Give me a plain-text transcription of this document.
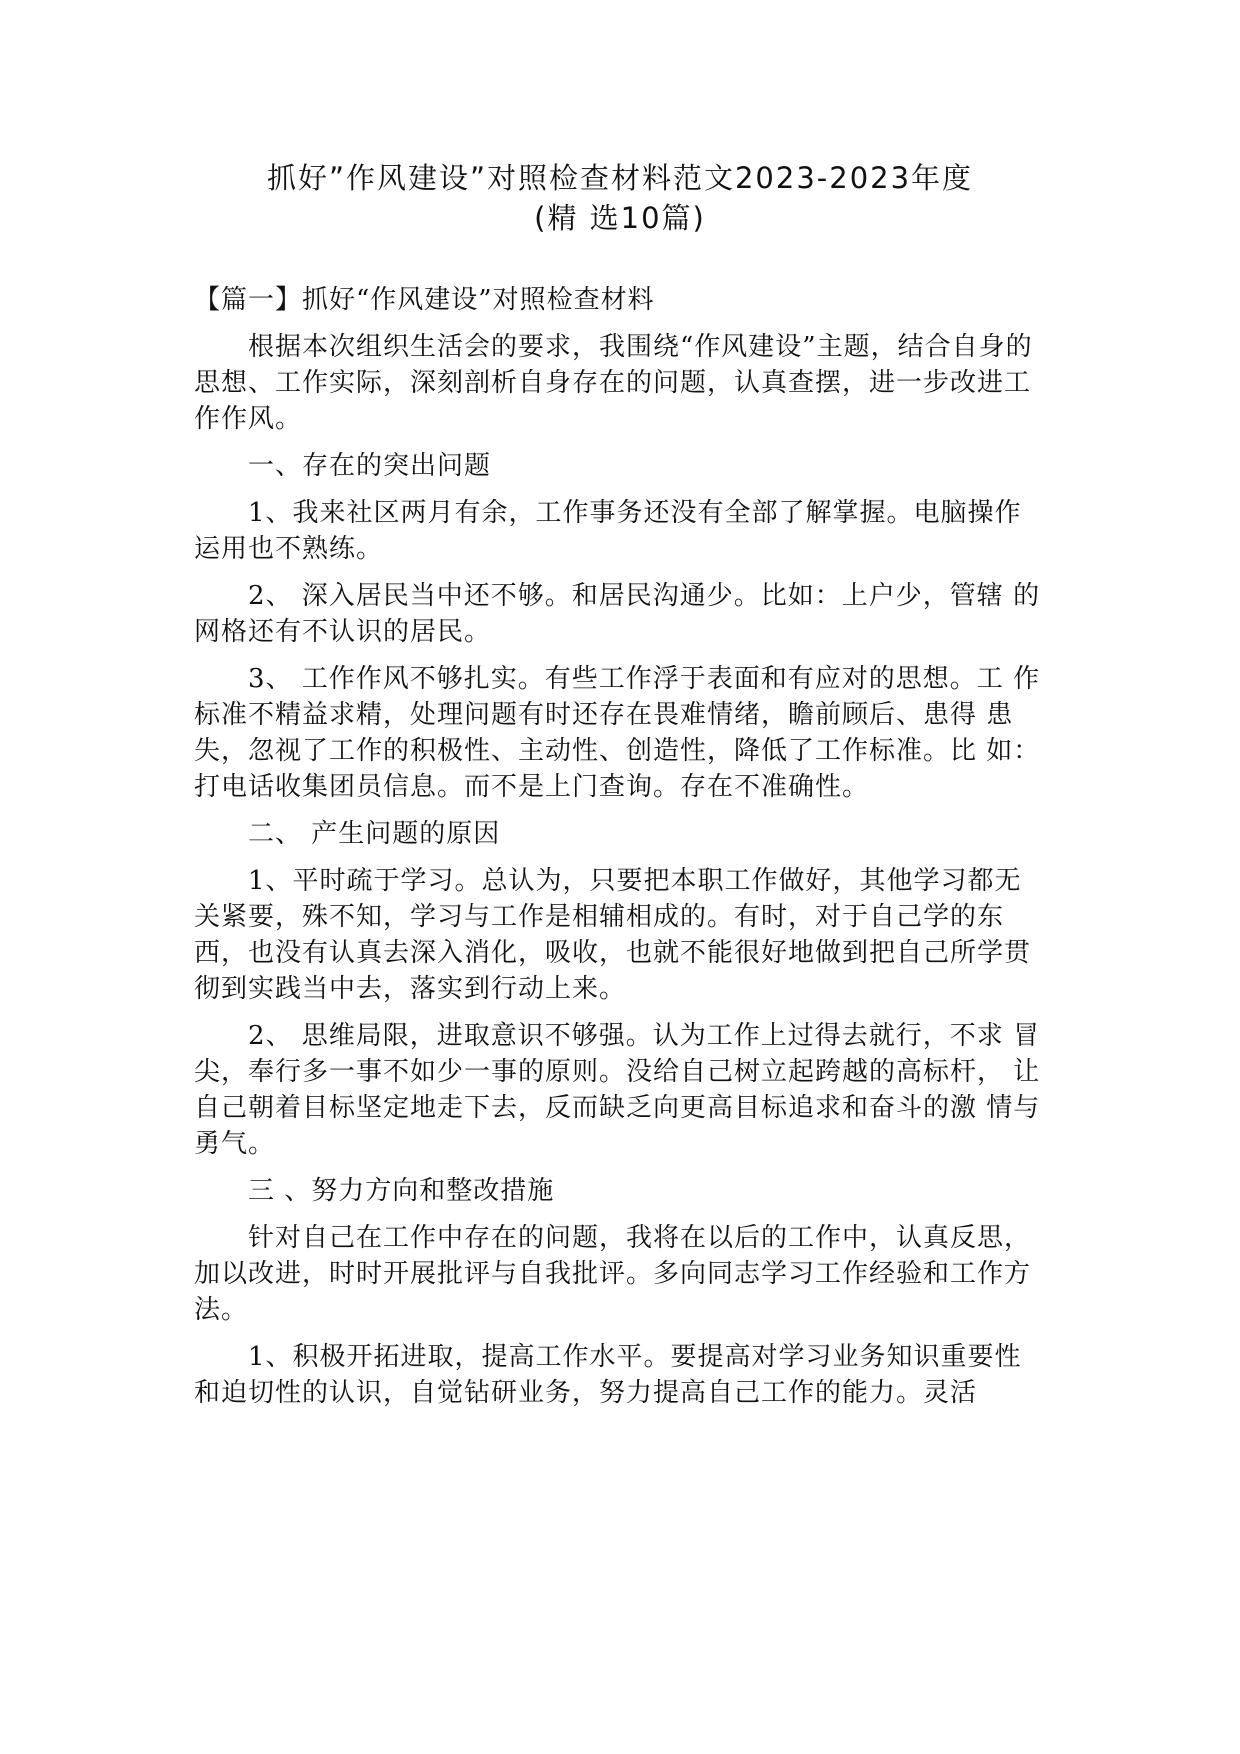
抓好”作风建设”对照检查材料范文2023-2023年度
(精 选10篇)

【篇一】抓好“作风建设”对照检查材料

根据本次组织生活会的要求，我围绕“作风建设”主题，结合自身的思想、工作实际，深刻剖析自身存在的问题，认真查摆，进一步改进工作作风。

一、存在的突出问题

1、我来社区两月有余，工作事务还没有全部了解掌握。电脑操作运用也不熟练。

2、 深入居民当中还不够。和居民沟通少。比如：上户少，管辖 的网格还有不认识的居民。

3、 工作作风不够扎实。有些工作浮于表面和有应对的思想。工 作标准不精益求精，处理问题有时还存在畏难情绪，瞻前顾后、患得 患失，忽视了工作的积极性、主动性、创造性，降低了工作标准。比 如：打电话收集团员信息。而不是上门查询。存在不准确性。

二、 产生问题的原因

1、平时疏于学习。总认为，只要把本职工作做好，其他学习都无关紧要，殊不知，学习与工作是相辅相成的。有时，对于自己学的东西，也没有认真去深入消化，吸收，也就不能很好地做到把自己所学贯彻到实践当中去，落实到行动上来。

2、 思维局限，进取意识不够强。认为工作上过得去就行，不求 冒尖，奉行多一事不如少一事的原则。没给自己树立起跨越的高标杆， 让自己朝着目标坚定地走下去，反而缺乏向更高目标追求和奋斗的激 情与勇气。

三 、努力方向和整改措施

针对自己在工作中存在的问题，我将在以后的工作中，认真反思，加以改进，时时开展批评与自我批评。多向同志学习工作经验和工作方法。

1、积极开拓进取，提高工作水平。要提高对学习业务知识重要性和迫切性的认识，自觉钻研业务，努力提高自己工作的能力。灵活
